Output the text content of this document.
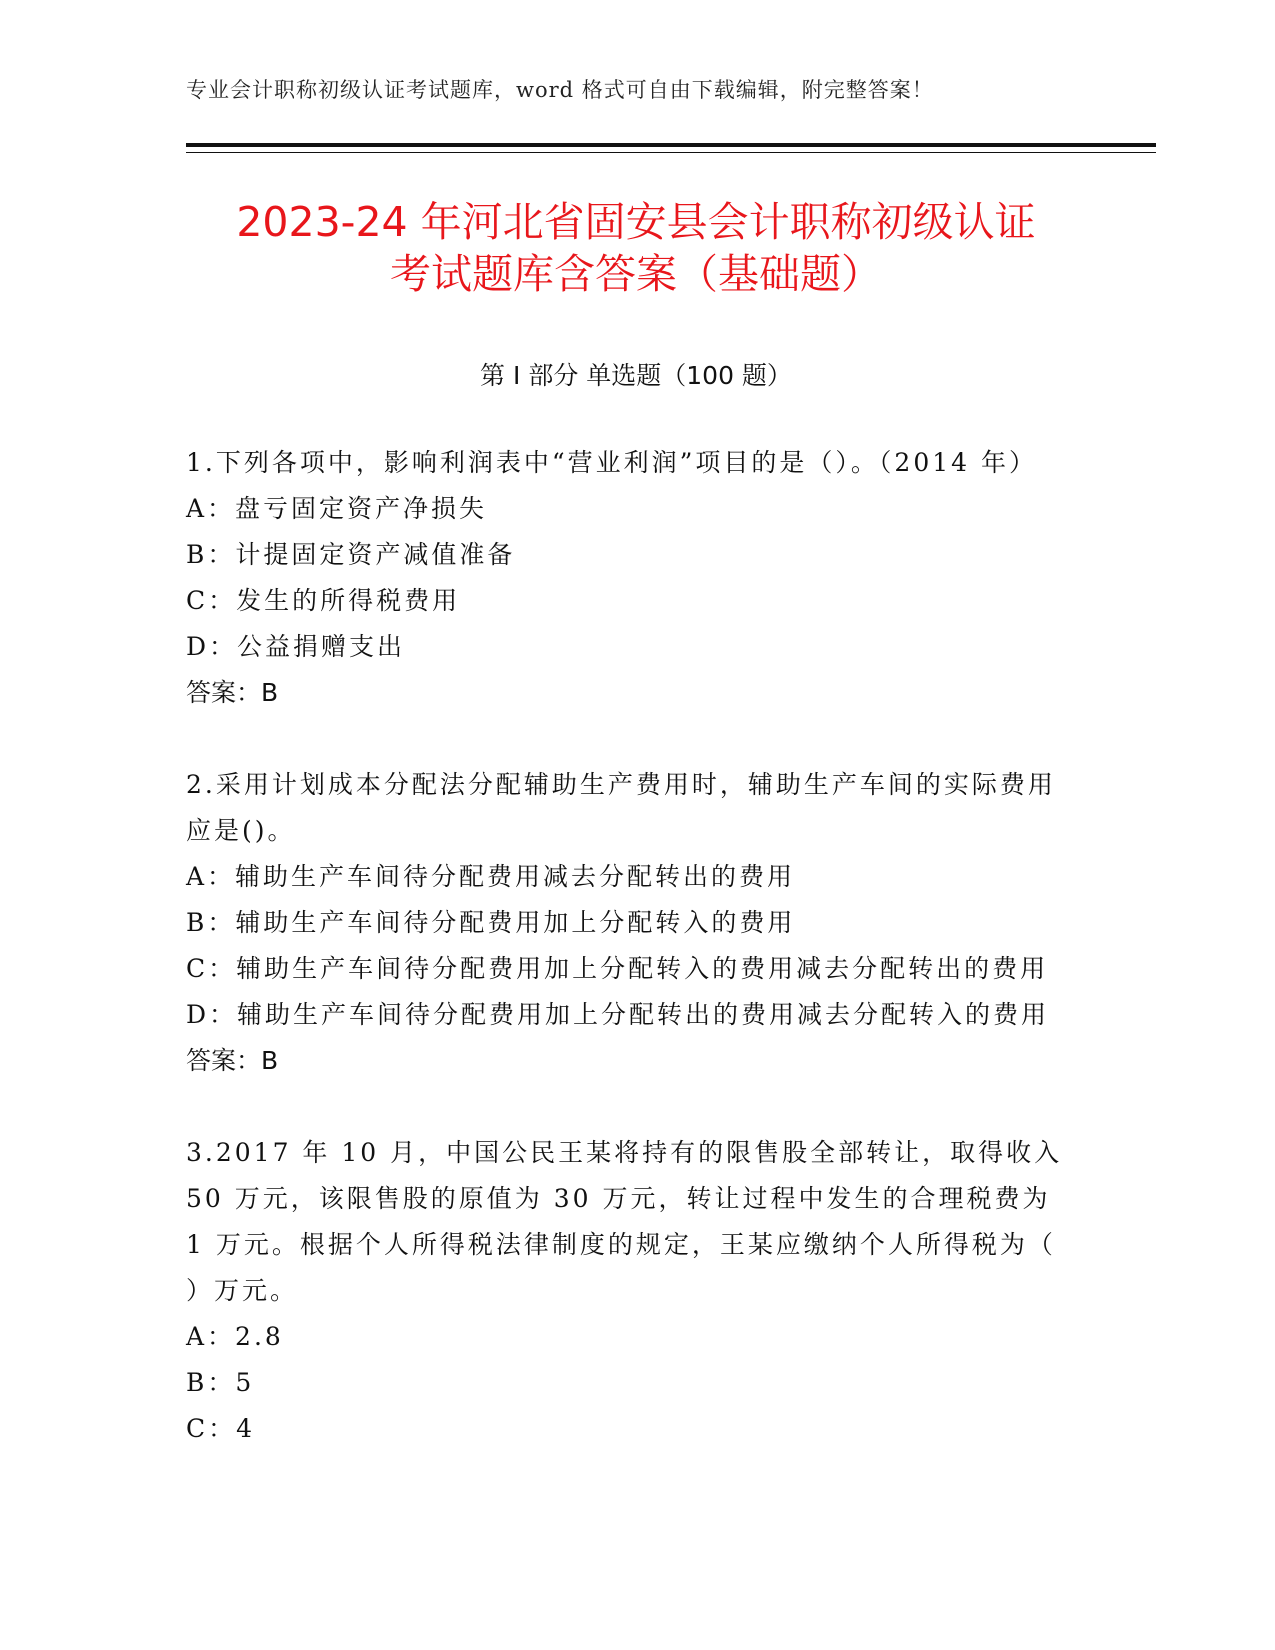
专业会计职称初级认证考试题库，word 格式可自由下载编辑，附完整答案！
2023-24 年河北省固安县会计职称初级认证
考试题库含答案（基础题）
第 I 部分 单选题（100 题）

1.下列各项中，影响利润表中“营业利润”项目的是（）。（2014 年）

A：盘亏固定资产净损失
B：计提固定资产减值准备
C：发生的所得税费用
D：公益捐赠支出
答案：B

2.采用计划成本分配法分配辅助生产费用时，辅助生产车间的实际费用应是()。

A：辅助生产车间待分配费用减去分配转出的费用
B：辅助生产车间待分配费用加上分配转入的费用
C：辅助生产车间待分配费用加上分配转入的费用减去分配转出的费用
D：辅助生产车间待分配费用加上分配转出的费用减去分配转入的费用
答案：B

3.2017 年 10 月，中国公民王某将持有的限售股全部转让，取得收入 50 万元，该限售股的原值为 30 万元，转让过程中发生的合理税费为 1 万元。根据个人所得税法律制度的规定，王某应缴纳个人所得税为（ ）万元。

A：2.8
B：5
C：4
